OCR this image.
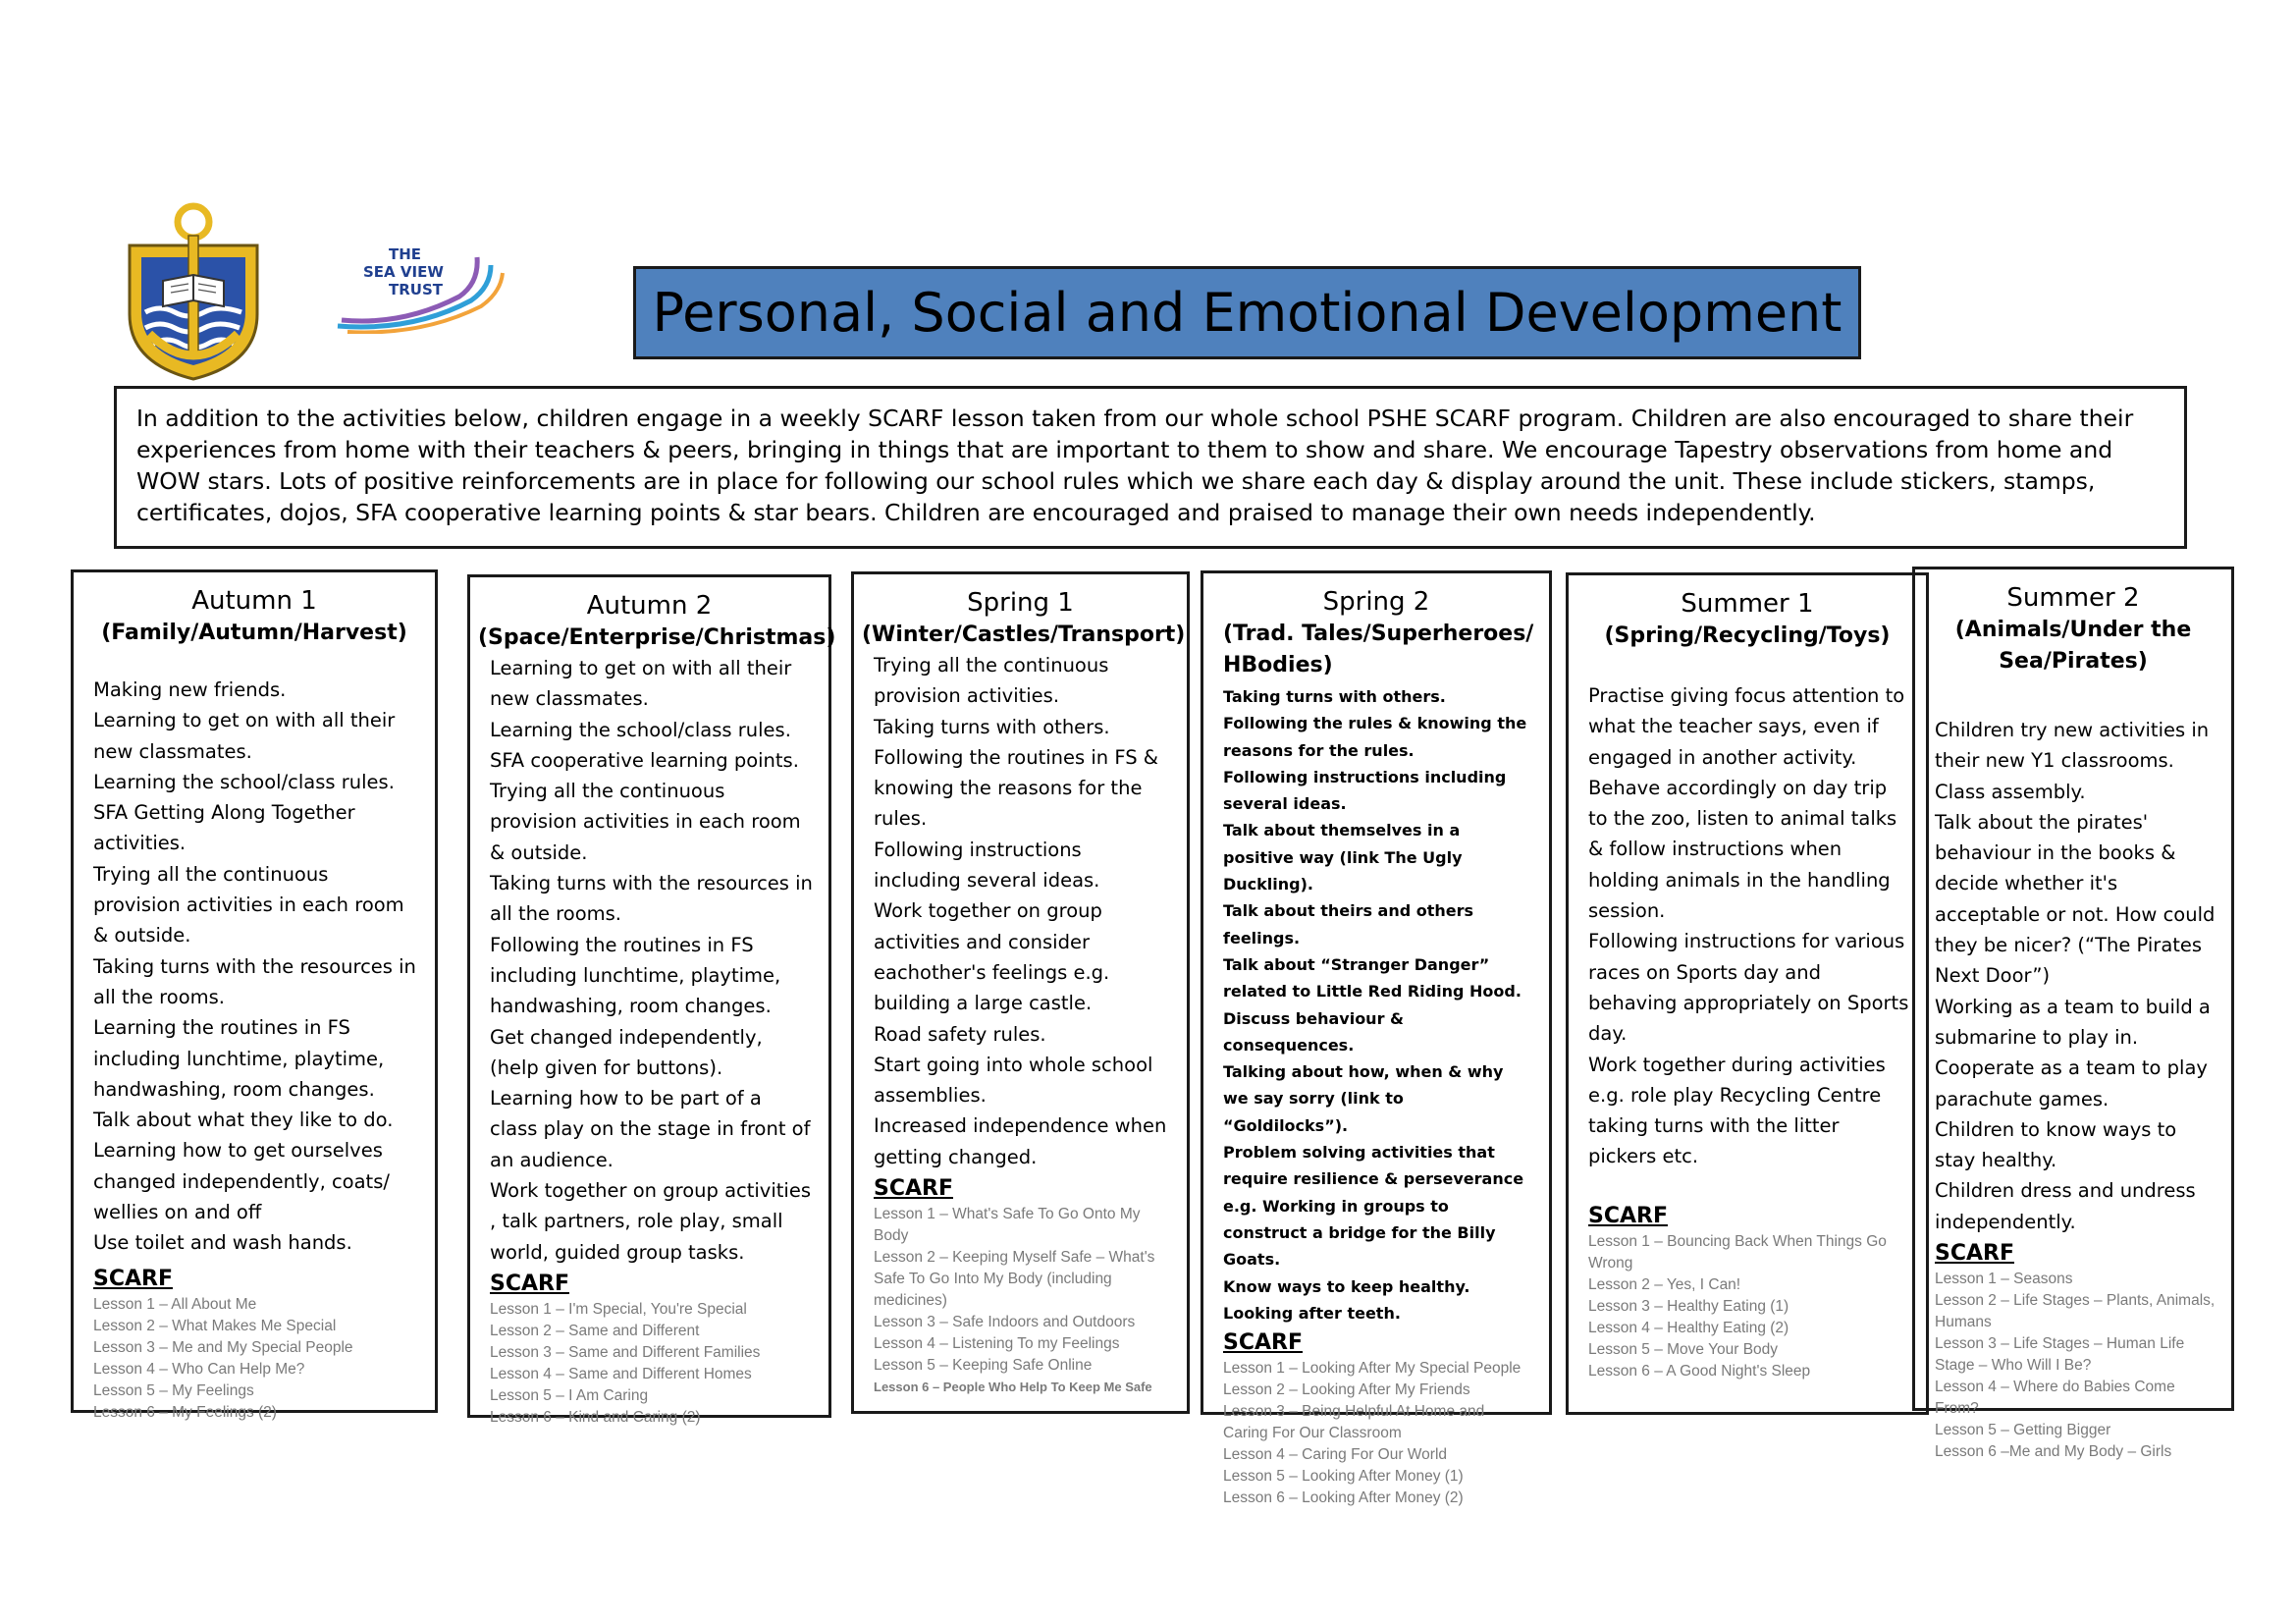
THE
SEA VIEW
TRUST	Personal, Social and Emotional Development
In addition to the activities below, children engage in a weekly SCARF lesson taken from our whole school PSHE SCARF program. Children are also encouraged to share their experiences from home with their teachers & peers, bringing in things that are important to them to show and share. We encourage Tapestry observations from home and WOW stars. Lots of positive reinforcements are in place for following our school rules which we share each day & display around the unit. These include stickers, stamps, certificates, dojos, SFA cooperative learning points & star bears. Children are encouraged and praised to manage their own needs independently.
Autumn 1
(Family/Autumn/Harvest)
Making new friends.
Learning to get on with all their new classmates.
Learning the school/class rules.
SFA Getting Along Together activities.
Trying all the continuous provision activities in each room & outside.
Taking turns with the resources in all the rooms.
Learning the routines in FS including lunchtime, playtime, handwashing, room changes.
Talk about what they like to do.
Learning how to get ourselves changed independently, coats/ wellies on and off
Use toilet and wash hands.
SCARF
Lesson 1 – All About Me
Lesson 2 – What Makes Me Special
Lesson 3 – Me and My Special People
Lesson 4 – Who Can Help Me?
Lesson 5 – My Feelings
Lesson 6 – My Feelings (2)
Autumn 2
(Space/Enterprise/Christmas)
Learning to get on with all their new classmates.
Learning the school/class rules.
SFA cooperative learning points.
Trying all the continuous provision activities in each room & outside.
Taking turns with the resources in all the rooms.
Following the routines in FS including lunchtime, playtime, handwashing, room changes.
Get changed independently, (help given for buttons).
Learning how to be part of a class play on the stage in front of an audience.
Work together on group activities , talk partners, role play, small world, guided group tasks.
SCARF
Lesson 1 – I'm Special, You're Special
Lesson 2 – Same and Different
Lesson 3 – Same and Different Families
Lesson 4 – Same and Different Homes
Lesson 5 – I Am Caring
Lesson 6 – Kind and Caring (2)
Spring 1
(Winter/Castles/Transport)
Trying all the continuous provision activities.
Taking turns with others.
Following the routines in FS & knowing the reasons for the rules.
Following instructions including several ideas.
Work together on group activities and consider eachother's feelings e.g. building a large castle.
Road safety rules.
Start going into whole school assemblies.
Increased independence when getting changed.
SCARF
Lesson 1 – What's Safe To Go Onto My Body
Lesson 2 – Keeping Myself Safe – What's Safe To Go Into My Body (including medicines)
Lesson 3 – Safe Indoors and Outdoors
Lesson 4 – Listening To my Feelings
Lesson 5 – Keeping Safe Online
Lesson 6 – People Who Help To Keep Me Safe
Spring 2
(Trad. Tales/Superheroes/ HBodies)
Taking turns with others.
Following the rules & knowing the reasons for the rules.
Following instructions including several ideas.
Talk about themselves in a positive way (link The Ugly Duckling).
Talk about theirs and others feelings.
Talk about “Stranger Danger” related to Little Red Riding Hood.
Discuss behaviour & consequences.
Talking about how, when & why we say sorry (link to “Goldilocks”).
Problem solving activities that require resilience & perseverance e.g. Working in groups to construct a bridge for the Billy Goats.
Know ways to keep healthy. Looking after teeth.
SCARF
Lesson 1 – Looking After My Special People
Lesson 2 – Looking After My Friends
Lesson 3 – Being Helpful At Home and Caring For Our Classroom
Lesson 4 – Caring For Our World
Lesson 5 – Looking After Money (1)
Lesson 6 – Looking After Money (2)
Summer 1
(Spring/Recycling/Toys)
Practise giving focus attention to what the teacher says, even if engaged in another activity.
Behave accordingly on day trip to the zoo, listen to animal talks & follow instructions when holding animals in the handling session.
Following instructions for various races on Sports day and behaving appropriately on Sports day.
Work together during activities e.g. role play Recycling Centre taking turns with the litter pickers etc.
SCARF
Lesson 1 – Bouncing Back When Things Go Wrong
Lesson 2 – Yes, I Can!
Lesson 3 – Healthy Eating (1)
Lesson 4 – Healthy Eating (2)
Lesson 5 – Move Your Body
Lesson 6 – A Good Night's Sleep
Summer 2
(Animals/Under the Sea/Pirates)
Children try new activities in their new Y1 classrooms.
Class assembly.
Talk about the pirates' behaviour in the books & decide whether it's acceptable or not. How could they be nicer? (“The Pirates Next Door”)
Working as a team to build a submarine to play in.
Cooperate as a team to play parachute games.
Children to know ways to stay healthy.
Children dress and undress independently.
SCARF
Lesson 1 – Seasons
Lesson 2 – Life Stages – Plants, Animals, Humans
Lesson 3 – Life Stages – Human Life Stage – Who Will I Be?
Lesson 4 – Where do Babies Come From?
Lesson 5 – Getting Bigger
Lesson 6 –Me and My Body – Girls
